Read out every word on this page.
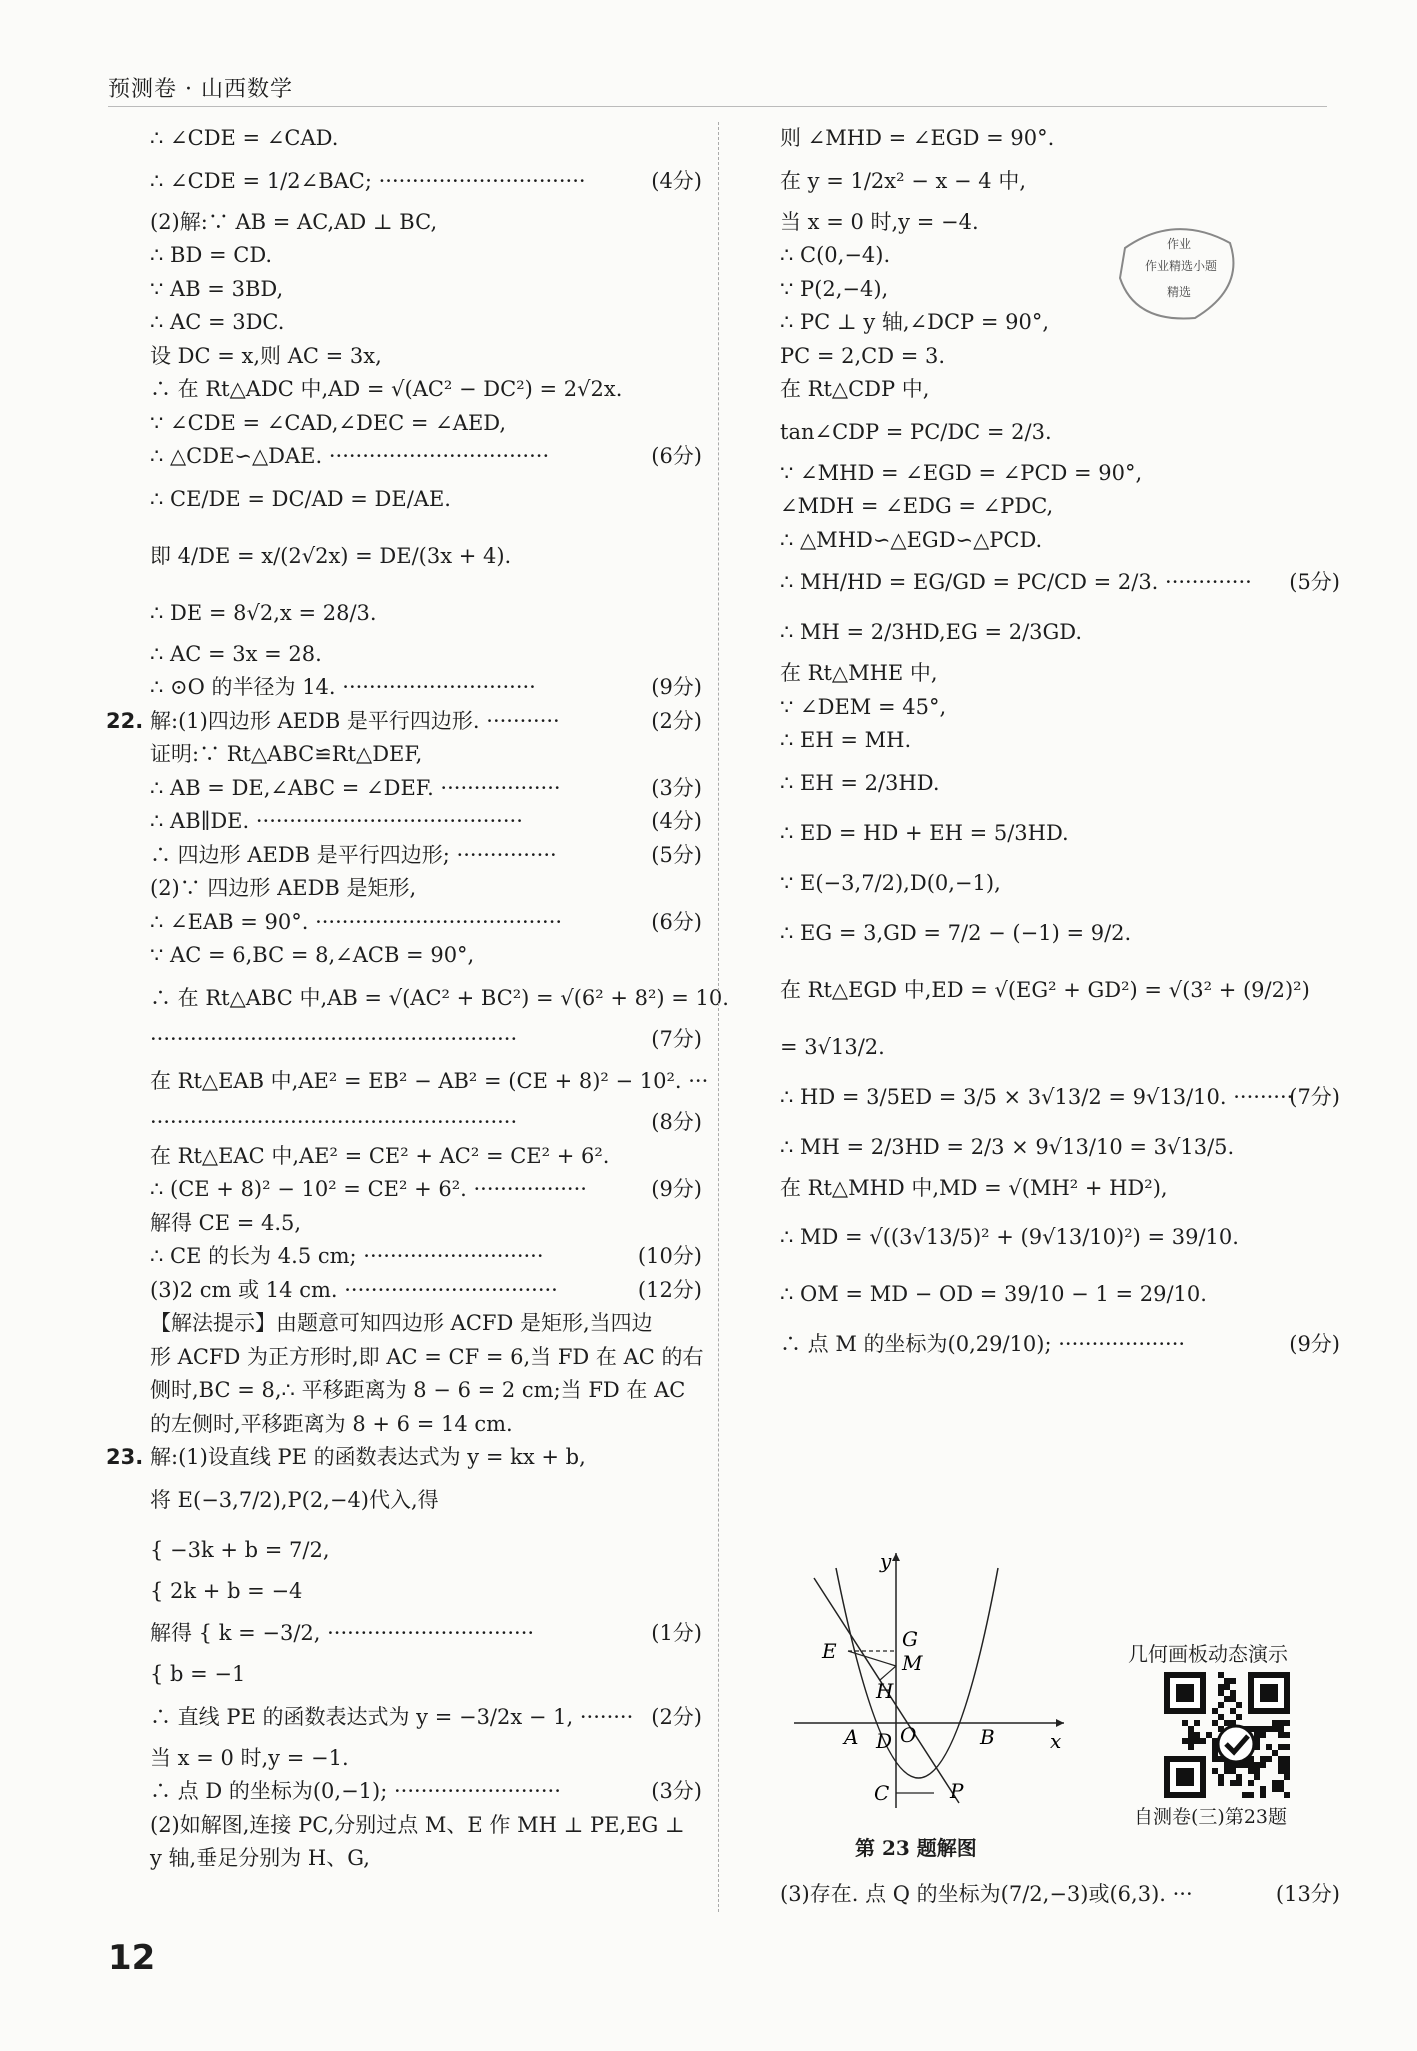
预测卷 · 山西数学
∴ ∠CDE = ∠CAD.
∴ ∠CDE = 1/2∠BAC; ·······························	(4分)
(2)解:∵ AB = AC,AD ⊥ BC,
∴ BD = CD.
∵ AB = 3BD,
∴ AC = 3DC.
设 DC = x,则 AC = 3x,
∴ 在 Rt△ADC 中,AD = √(AC² − DC²) = 2√2x.
∵ ∠CDE = ∠CAD,∠DEC = ∠AED,
∴ △CDE∽△DAE. ·································	(6分)
∴ CE/DE = DC/AD = DE/AE.
即 4/DE = x/(2√2x) = DE/(3x + 4).
∴ DE = 8√2,x = 28/3.
∴ AC = 3x = 28.
∴ ⊙O 的半径为 14. ·····························	(9分)
22. 解:(1)四边形 AEDB 是平行四边形. ···········	(2分)
证明:∵ Rt△ABC≌Rt△DEF,
∴ AB = DE,∠ABC = ∠DEF. ··················	(3分)
∴ AB∥DE. ········································	(4分)
∴ 四边形 AEDB 是平行四边形; ···············	(5分)
(2)∵ 四边形 AEDB 是矩形,
∴ ∠EAB = 90°. ·····································	(6分)
∵ AC = 6,BC = 8,∠ACB = 90°,
∴ 在 Rt△ABC 中,AB = √(AC² + BC²) = √(6² + 8²) = 10.
·······················································	(7分)
在 Rt△EAB 中,AE² = EB² − AB² = (CE + 8)² − 10². ···
·······················································	(8分)
在 Rt△EAC 中,AE² = CE² + AC² = CE² + 6².
∴ (CE + 8)² − 10² = CE² + 6². ·················	(9分)
解得 CE = 4.5,
∴ CE 的长为 4.5 cm; ···························	(10分)
(3)2 cm 或 14 cm. ································	(12分)
【解法提示】由题意可知四边形 ACFD 是矩形,当四边
形 ACFD 为正方形时,即 AC = CF = 6,当 FD 在 AC 的右
侧时,BC = 8,∴ 平移距离为 8 − 6 = 2 cm;当 FD 在 AC
的左侧时,平移距离为 8 + 6 = 14 cm.
23. 解:(1)设直线 PE 的函数表达式为 y = kx + b,
将 E(−3,7/2),P(2,−4)代入,得
{ −3k + b = 7/2,
{ 2k + b = −4
解得 { k = −3/2, ·······························	(1分)
{ b = −1
∴ 直线 PE 的函数表达式为 y = −3/2x − 1, ········ (2分)
当 x = 0 时,y = −1.
∴ 点 D 的坐标为(0,−1); ·························	(3分)
(2)如解图,连接 PC,分别过点 M、E 作 MH ⊥ PE,EG ⊥
y 轴,垂足分别为 H、G,
则 ∠MHD = ∠EGD = 90°.
在 y = 1/2x² − x − 4 中,
当 x = 0 时,y = −4.
∴ C(0,−4).
∵ P(2,−4),
∴ PC ⊥ y 轴,∠DCP = 90°,
PC = 2,CD = 3.
在 Rt△CDP 中,
tan∠CDP = PC/DC = 2/3.
∵ ∠MHD = ∠EGD = ∠PCD = 90°,
∠MDH = ∠EDG = ∠PDC,
∴ △MHD∽△EGD∽△PCD.
∴ MH/HD = EG/GD = PC/CD = 2/3. ············· (5分)
∴ MH = 2/3HD,EG = 2/3GD.
在 Rt△MHE 中,
∵ ∠DEM = 45°,
∴ EH = MH.
∴ EH = 2/3HD.
∴ ED = HD + EH = 5/3HD.
∵ E(−3,7/2),D(0,−1),
∴ EG = 3,GD = 7/2 − (−1) = 9/2.
在 Rt△EGD 中,ED = √(EG² + GD²) = √(3² + (9/2)²)
= 3√13/2.
∴ HD = 3/5ED = 3/5 × 3√13/2 = 9√13/10. ·········
(7分)
∴ MH = 2/3HD = 2/3 × 9√13/10 = 3√13/5.
在 Rt△MHD 中,MD = √(MH² + HD²),
∴ MD = √((3√13/5)² + (9√13/10)²) = 39/10.
∴ OM = MD − OD = 39/10 − 1 = 29/10.
∴ 点 M 的坐标为(0,29/10); ···················	(9分)
作业
作业精选小题
精选
y
x
G
E	M
H
A D O	B
C	P
第 23 题解图
几何画板动态演示
自测卷(三)第23题
(3)存在. 点 Q 的坐标为(7/2,−3)或(6,3). ···	(13分)
12
